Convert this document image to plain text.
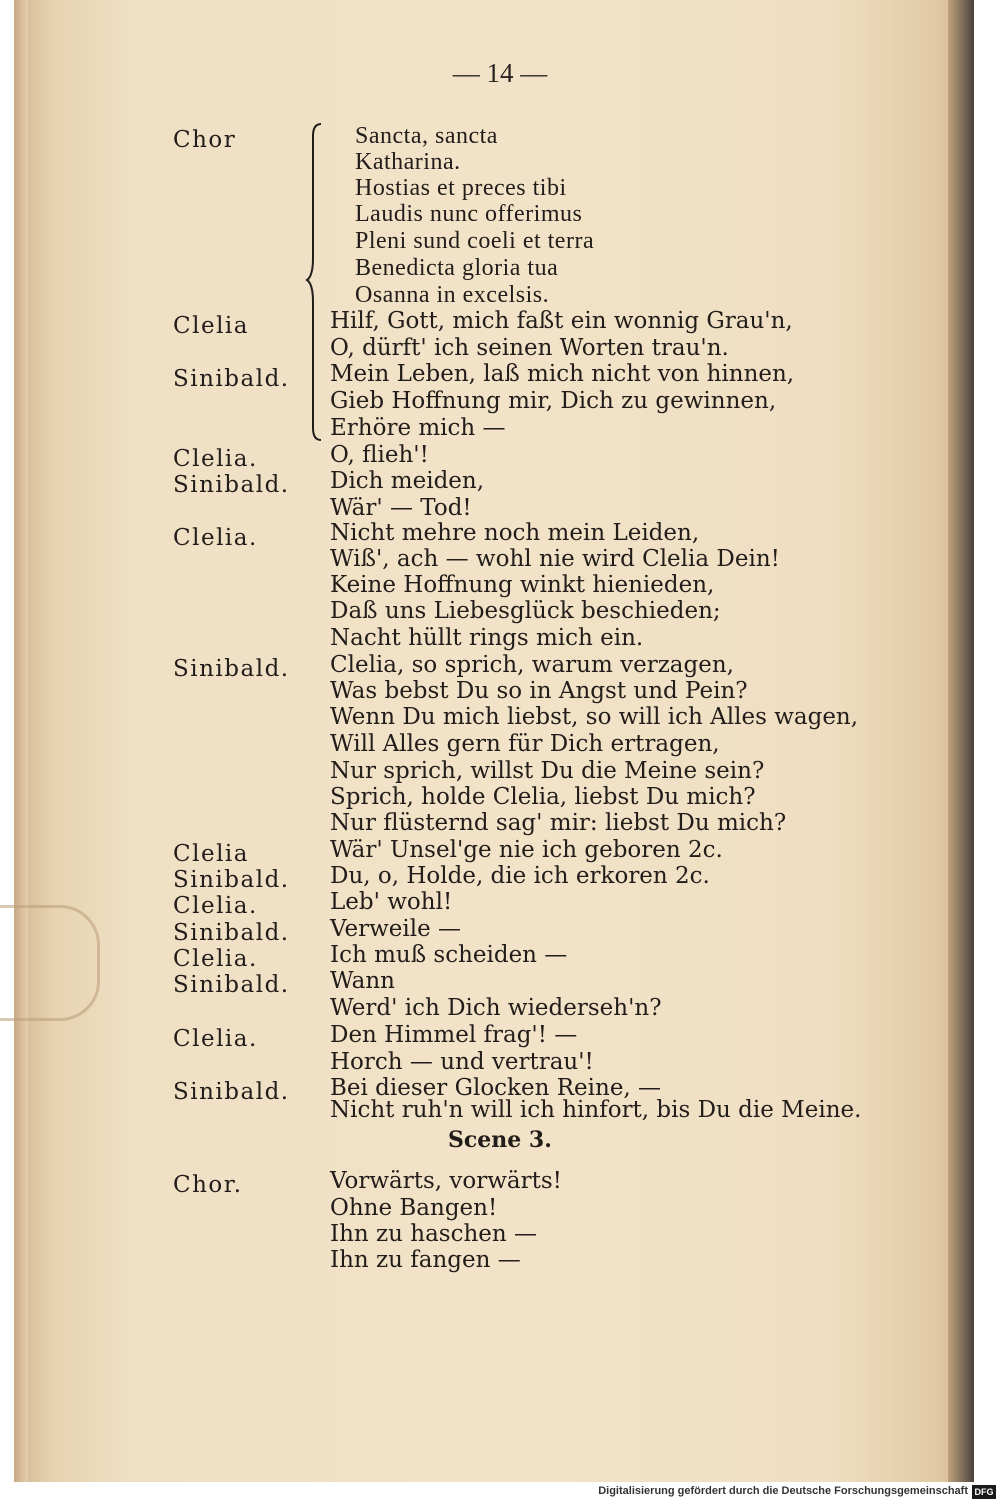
— 14 —
Chor	Sancta, sancta
Katharina.
Hostias et preces tibi
Laudis nunc offerimus
Pleni sund coeli et terra
Benedicta gloria tua
Osanna in excelsis.
Clelia	Hilf, Gott, mich faßt ein wonnig Grau'n,
O, dürft' ich seinen Worten trau'n.
Sinibald. Mein Leben, laß mich nicht von hinnen,
Gieb Hoffnung mir, Dich zu gewinnen,
Erhöre mich —
Clelia.	O, flieh'!
Sinibald. Dich meiden,
Wär' — Tod!
Clelia.	Nicht mehre noch mein Leiden,
Wiß', ach — wohl nie wird Clelia Dein!
Keine Hoffnung winkt hienieden,
Daß uns Liebesglück beschieden;
Nacht hüllt rings mich ein.
Sinibald. Clelia, so sprich, warum verzagen,
Was bebst Du so in Angst und Pein?
Wenn Du mich liebst, so will ich Alles wagen,
Will Alles gern für Dich ertragen,
Nur sprich, willst Du die Meine sein?
Sprich, holde Clelia, liebst Du mich?
Nur flüsternd sag' mir: liebst Du mich?
Clelia	Wär' Unsel'ge nie ich geboren 2c.
Sinibald. Du, o, Holde, die ich erkoren 2c.
Clelia.	Leb' wohl!
Sinibald. Verweile —
Clelia.	Ich muß scheiden —
Sinibald. Wann
Werd' ich Dich wiederseh'n?
Clelia.	Den Himmel frag'! —
Horch — und vertrau'!
Sinibald. Bei dieser Glocken Reine, —
Nicht ruh'n will ich hinfort, bis Du die Meine.
Scene 3.
Chor.	Vorwärts, vorwärts!
Ohne Bangen!
Ihn zu haschen —
Ihn zu fangen —
Digitalisierung gefördert durch die Deutsche Forschungsgemeinschaft DFG
